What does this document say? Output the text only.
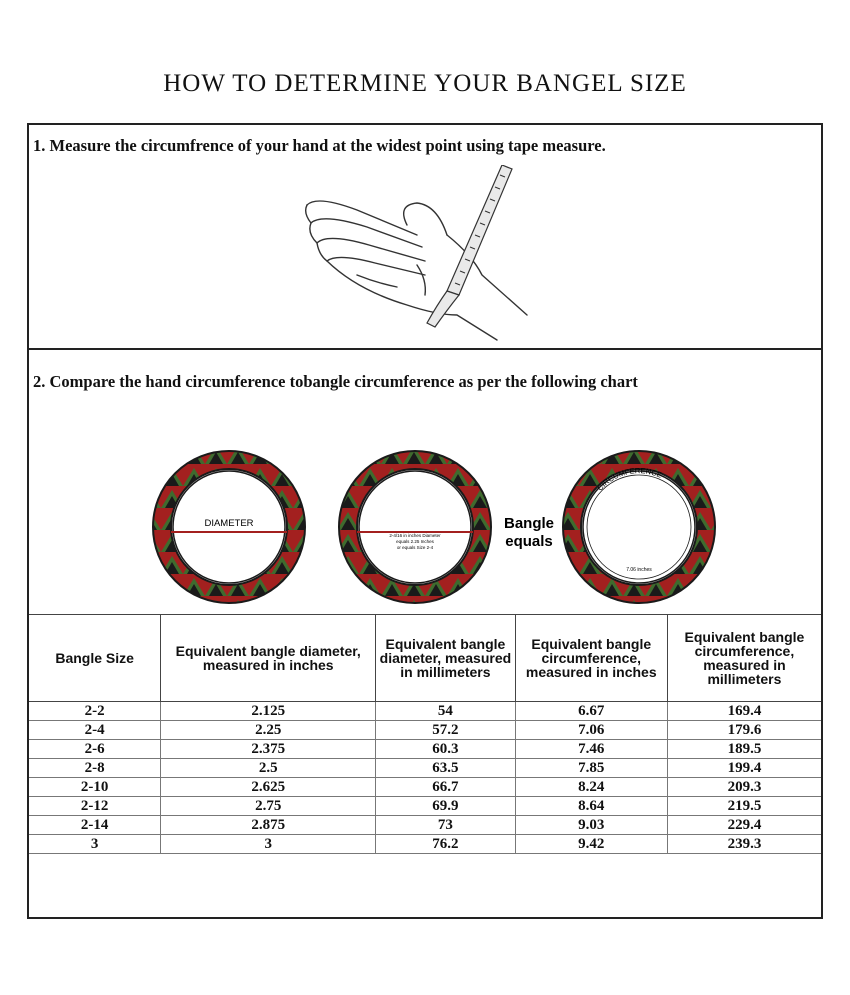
HOW TO DETERMINE YOUR BANGEL SIZE
1. Measure the circumfrence of your hand at the widest point using tape measure.
2. Compare the hand circumference tobangle circumference as per the following chart
DIAMETER
2-4/16 in inches Diameter
equals 2.25 Inches
or equals Size 2-4
Bangle
equals
CIRCUMFERENCE
7.06 inches
Bangle Size	Equivalent bangle diameter, measured in inches	Equivalent bangle diameter, measured in millimeters	Equivalent bangle circumference, measured in inches	Equivalent bangle circumference, measured in millimeters
2-2	2.125	54	6.67	169.4
2-4	2.25	57.2	7.06	179.6
2-6	2.375	60.3	7.46	189.5
2-8	2.5	63.5	7.85	199.4
2-10	2.625	66.7	8.24	209.3
2-12	2.75	69.9	8.64	219.5
2-14	2.875	73	9.03	229.4
3	3	76.2	9.42	239.3
